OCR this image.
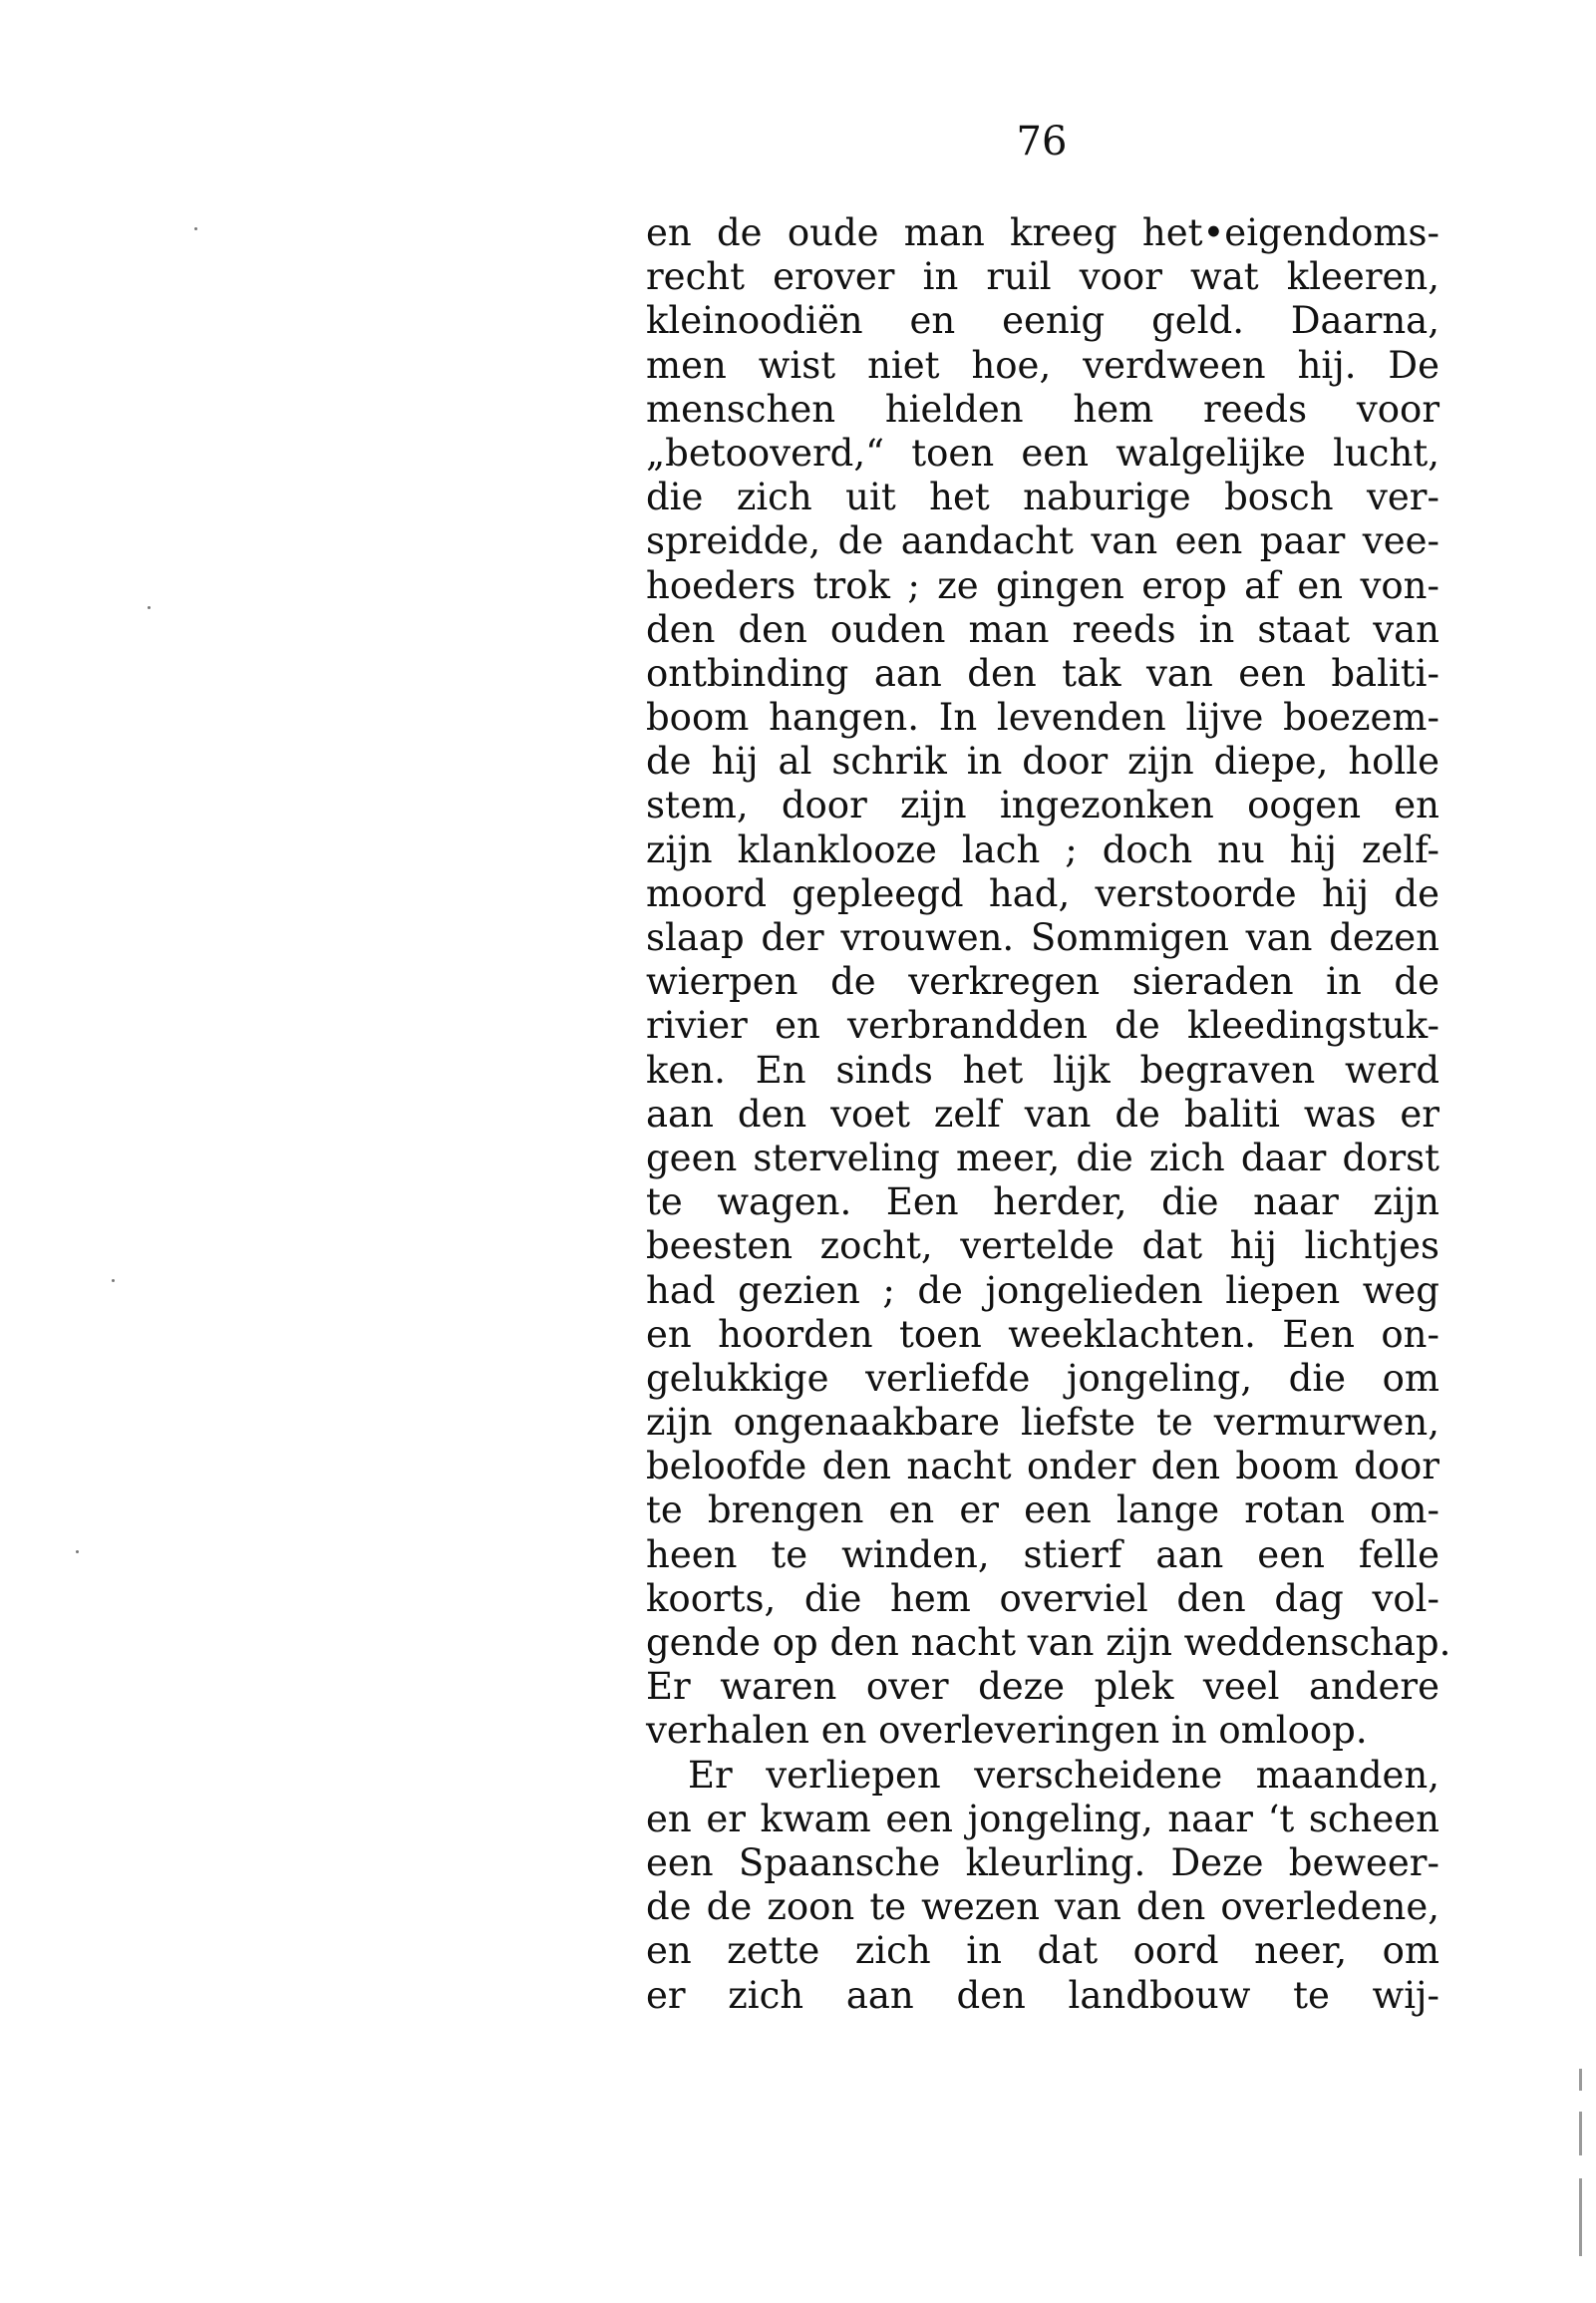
76
en de oude man kreeg het•eigendoms-
recht erover in ruil voor wat kleeren,
kleinoodiën en eenig geld. Daarna,
men wist niet hoe, verdween hij. De
menschen hielden hem reeds voor
„betooverd,“ toen een walgelijke lucht,
die zich uit het naburige bosch ver-
spreidde, de aandacht van een paar vee-
hoeders trok ; ze gingen erop af en von-
den den ouden man reeds in staat van
ontbinding aan den tak van een baliti-
boom hangen. In levenden lijve boezem-
de hij al schrik in door zijn diepe, holle
stem, door zijn ingezonken oogen en
zijn klanklooze lach ; doch nu hij zelf-
moord gepleegd had, verstoorde hij de
slaap der vrouwen. Sommigen van dezen
wierpen de verkregen sieraden in de
rivier en verbrandden de kleedingstuk-
ken. En sinds het lijk begraven werd
aan den voet zelf van de baliti was er
geen sterveling meer, die zich daar dorst
te wagen. Een herder, die naar zijn
beesten zocht, vertelde dat hij lichtjes
had gezien ; de jongelieden liepen weg
en hoorden toen weeklachten. Een on-
gelukkige verliefde jongeling, die om
zijn ongenaakbare liefste te vermurwen,
beloofde den nacht onder den boom door
te brengen en er een lange rotan om-
heen te winden, stierf aan een felle
koorts, die hem overviel den dag vol-
gende op den nacht van zijn weddenschap.
Er waren over deze plek veel andere
verhalen en overleveringen in omloop.
Er verliepen verscheidene maanden,
en er kwam een jongeling, naar ‘t scheen
een Spaansche kleurling. Deze beweer-
de de zoon te wezen van den overledene,
en zette zich in dat oord neer, om
er zich aan den landbouw te wij-
